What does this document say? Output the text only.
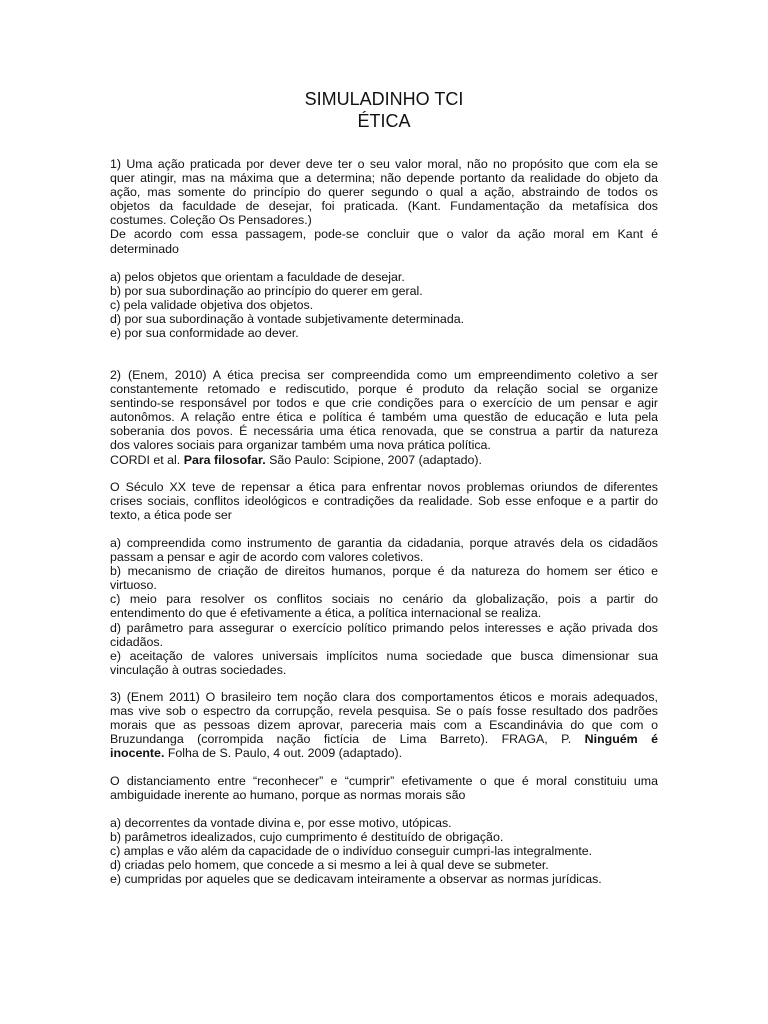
SIMULADINHO TCI
ÉTICA

1) Uma ação praticada por dever deve ter o seu valor moral, não no propósito que com ela se

quer atingir, mas na máxima que a determina; não depende portanto da realidade do objeto da

ação, mas somente do princípio do querer segundo o qual a ação, abstraindo de todos os

objetos da faculdade de desejar, foi praticada. (Kant. Fundamentação da metafísica dos

costumes. Coleção Os Pensadores.)

De acordo com essa passagem, pode-se concluir que o valor da ação moral em Kant é

determinado

a) pelos objetos que orientam a faculdade de desejar.

b) por sua subordinação ao princípio do querer em geral.

c) pela validade objetiva dos objetos.

d) por sua subordinação à vontade subjetivamente determinada.

e) por sua conformidade ao dever.

2) (Enem, 2010) A ética precisa ser compreendida como um empreendimento coletivo a ser

constantemente retomado e rediscutido, porque é produto da relação social se organize

sentindo-se responsável por todos e que crie condições para o exercício de um pensar e agir

autonômos. A relação entre ética e política é também uma questão de educação e luta pela

soberania dos povos. É necessária uma ética renovada, que se construa a partir da natureza

dos valores sociais para organizar também uma nova prática política.

CORDI et al. Para filosofar. São Paulo: Scipione, 2007 (adaptado).

O Século XX teve de repensar a ética para enfrentar novos problemas oriundos de diferentes

crises sociais, conflitos ideológicos e contradições da realidade. Sob esse enfoque e a partir do

texto, a ética pode ser

a) compreendida como instrumento de garantia da cidadania, porque através dela os cidadãos

passam a pensar e agir de acordo com valores coletivos.

b) mecanismo de criação de direitos humanos, porque é da natureza do homem ser ético e

virtuoso.

c) meio para resolver os conflitos sociais no cenário da globalização, pois a partir do

entendimento do que é efetivamente a ética, a política internacional se realiza.

d) parâmetro para assegurar o exercício político primando pelos interesses e ação privada dos

cidadãos.

e) aceitação de valores universais implícitos numa sociedade que busca dimensionar sua

vinculação à outras sociedades.

3) (Enem 2011) O brasileiro tem noção clara dos comportamentos éticos e morais adequados,

mas vive sob o espectro da corrupção, revela pesquisa. Se o país fosse resultado dos padrões

morais que as pessoas dizem aprovar, pareceria mais com a Escandinávia do que com o

Bruzundanga (corrompida nação fictícia de Lima Barreto). FRAGA, P. Ninguém é

inocente. Folha de S. Paulo, 4 out. 2009 (adaptado).

O distanciamento entre “reconhecer” e “cumprir” efetivamente o que é moral constituiu uma

ambiguidade inerente ao humano, porque as normas morais são

a) decorrentes da vontade divina e, por esse motivo, utópicas.

b) parâmetros idealizados, cujo cumprimento é destituído de obrigação.

c) amplas e vão além da capacidade de o indivíduo conseguir cumpri-las integralmente.

d) criadas pelo homem, que concede a si mesmo a lei à qual deve se submeter.

e) cumpridas por aqueles que se dedicavam inteiramente a observar as normas jurídicas.
